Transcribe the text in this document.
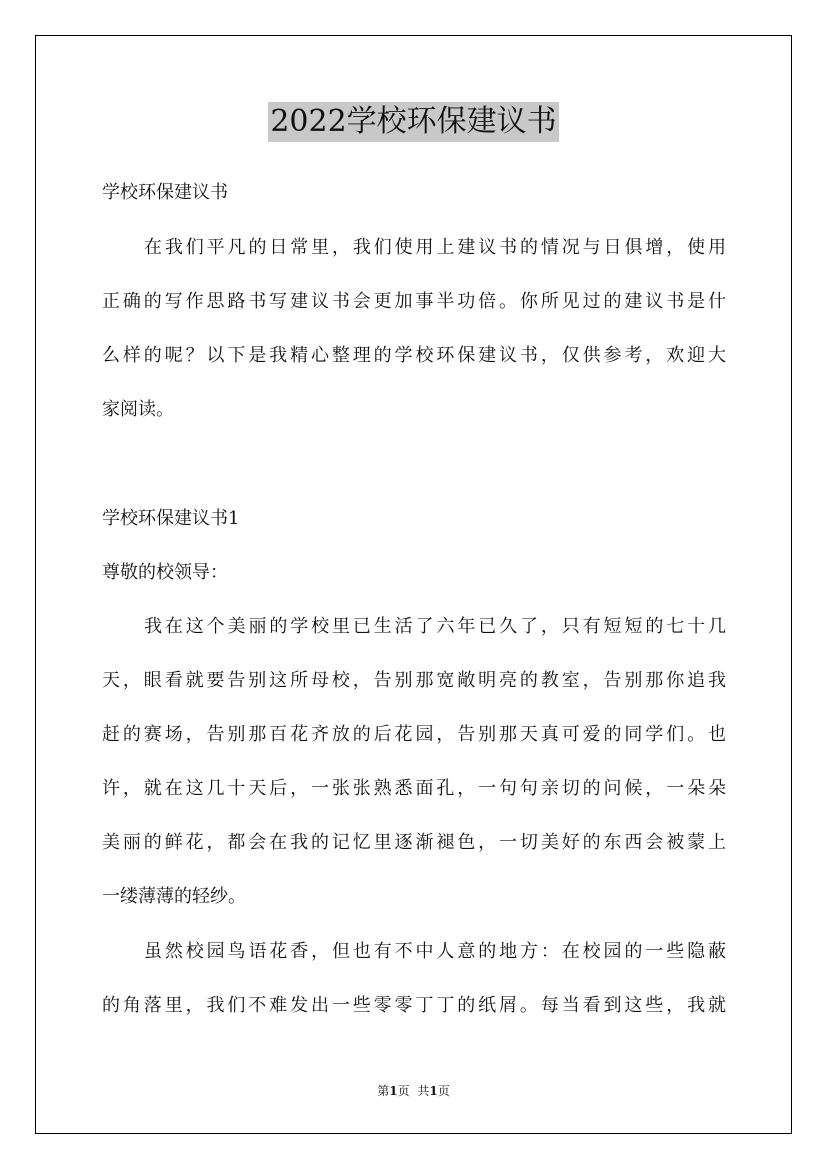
2022学校环保建议书
学校环保建议书
在我们平凡的日常里，我们使用上建议书的情况与日俱增，使用
正确的写作思路书写建议书会更加事半功倍。你所见过的建议书是什
么样的呢？以下是我精心整理的学校环保建议书，仅供参考，欢迎大
家阅读。
学校环保建议书1
尊敬的校领导：
我在这个美丽的学校里已生活了六年已久了，只有短短的七十几
天，眼看就要告别这所母校，告别那宽敞明亮的教室，告别那你追我
赶的赛场，告别那百花齐放的后花园，告别那天真可爱的同学们。也
许，就在这几十天后，一张张熟悉面孔，一句句亲切的问候，一朵朵
美丽的鲜花，都会在我的记忆里逐渐褪色，一切美好的东西会被蒙上
一缕薄薄的轻纱。
虽然校园鸟语花香，但也有不中人意的地方：在校园的一些隐蔽
的角落里，我们不难发出一些零零丁丁的纸屑。每当看到这些，我就
第1页 共1页
